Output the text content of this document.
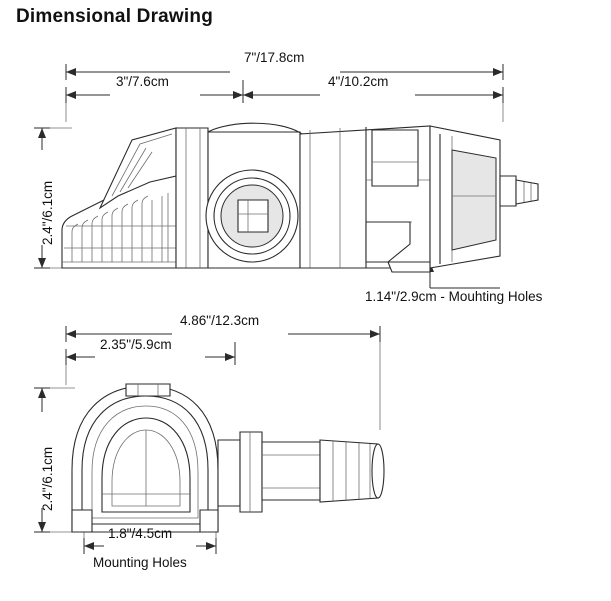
Dimensional Drawing
7"/17.8cm
3"/7.6cm	4"/10.2cm
2.4"/6.1cm
1.14"/2.9cm - Mouhting Holes
4.86"/12.3cm
2.35"/5.9cm
2.4"/6.1cm
1.8"/4.5cm
Mounting Holes
